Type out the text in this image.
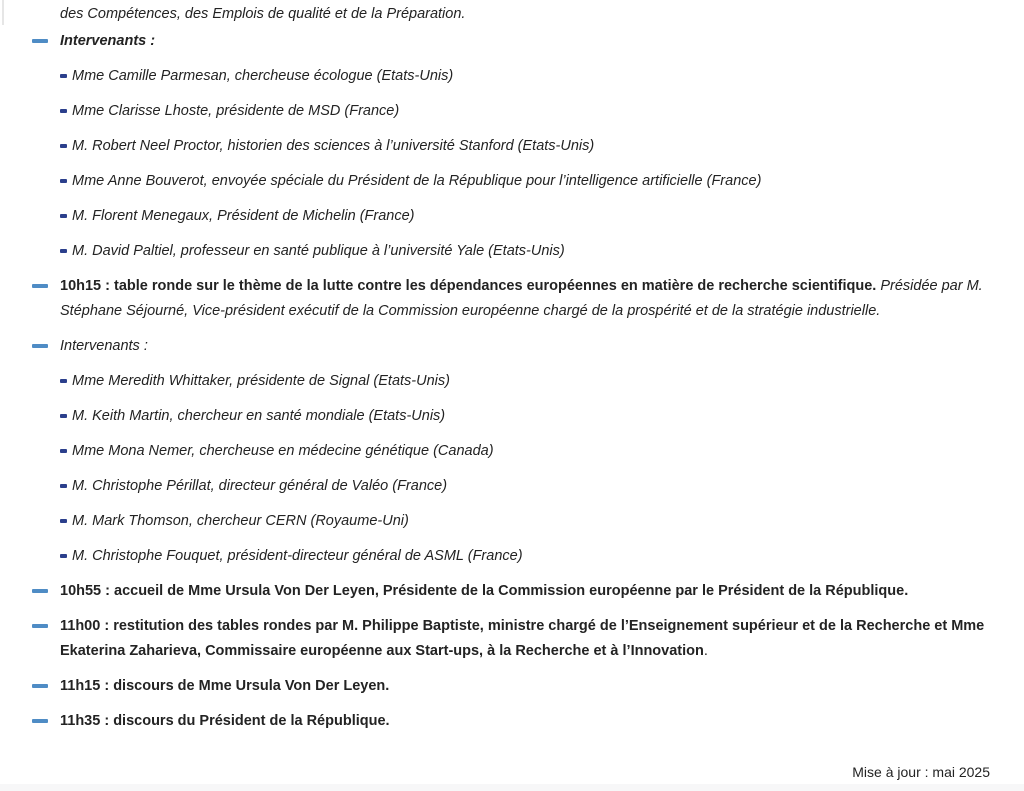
des Compétences, des Emplois de qualité et de la Préparation.
Intervenants :
Mme Camille Parmesan, chercheuse écologue (Etats-Unis)
Mme Clarisse Lhoste, présidente de MSD (France)
M. Robert Neel Proctor, historien des sciences à l’université Stanford (Etats-Unis)
Mme Anne Bouverot, envoyée spéciale du Président de la République pour l’intelligence artificielle (France)
M. Florent Menegaux, Président de Michelin (France)
M. David Paltiel, professeur en santé publique à l’université Yale (Etats-Unis)
10h15 : table ronde sur le thème de la lutte contre les dépendances européennes en matière de recherche scientifique. Présidée par M. Stéphane Séjourné, Vice-président exécutif de la Commission européenne chargé de la prospérité et de la stratégie industrielle.
Intervenants :
Mme Meredith Whittaker, présidente de Signal (Etats-Unis)
M. Keith Martin, chercheur en santé mondiale (Etats-Unis)
Mme Mona Nemer, chercheuse en médecine génétique (Canada)
M. Christophe Périllat, directeur général de Valéo (France)
M. Mark Thomson, chercheur CERN (Royaume-Uni)
M. Christophe Fouquet, président-directeur général de ASML (France)
10h55 : accueil de Mme Ursula Von Der Leyen, Présidente de la Commission européenne par le Président de la République.
11h00 : restitution des tables rondes par M. Philippe Baptiste, ministre chargé de l’Enseignement supérieur et de la Recherche et Mme Ekaterina Zaharieva, Commissaire européenne aux Start-ups, à la Recherche et à l’Innovation.
11h15 : discours de Mme Ursula Von Der Leyen.
11h35 : discours du Président de la République.
Mise à jour : mai 2025
